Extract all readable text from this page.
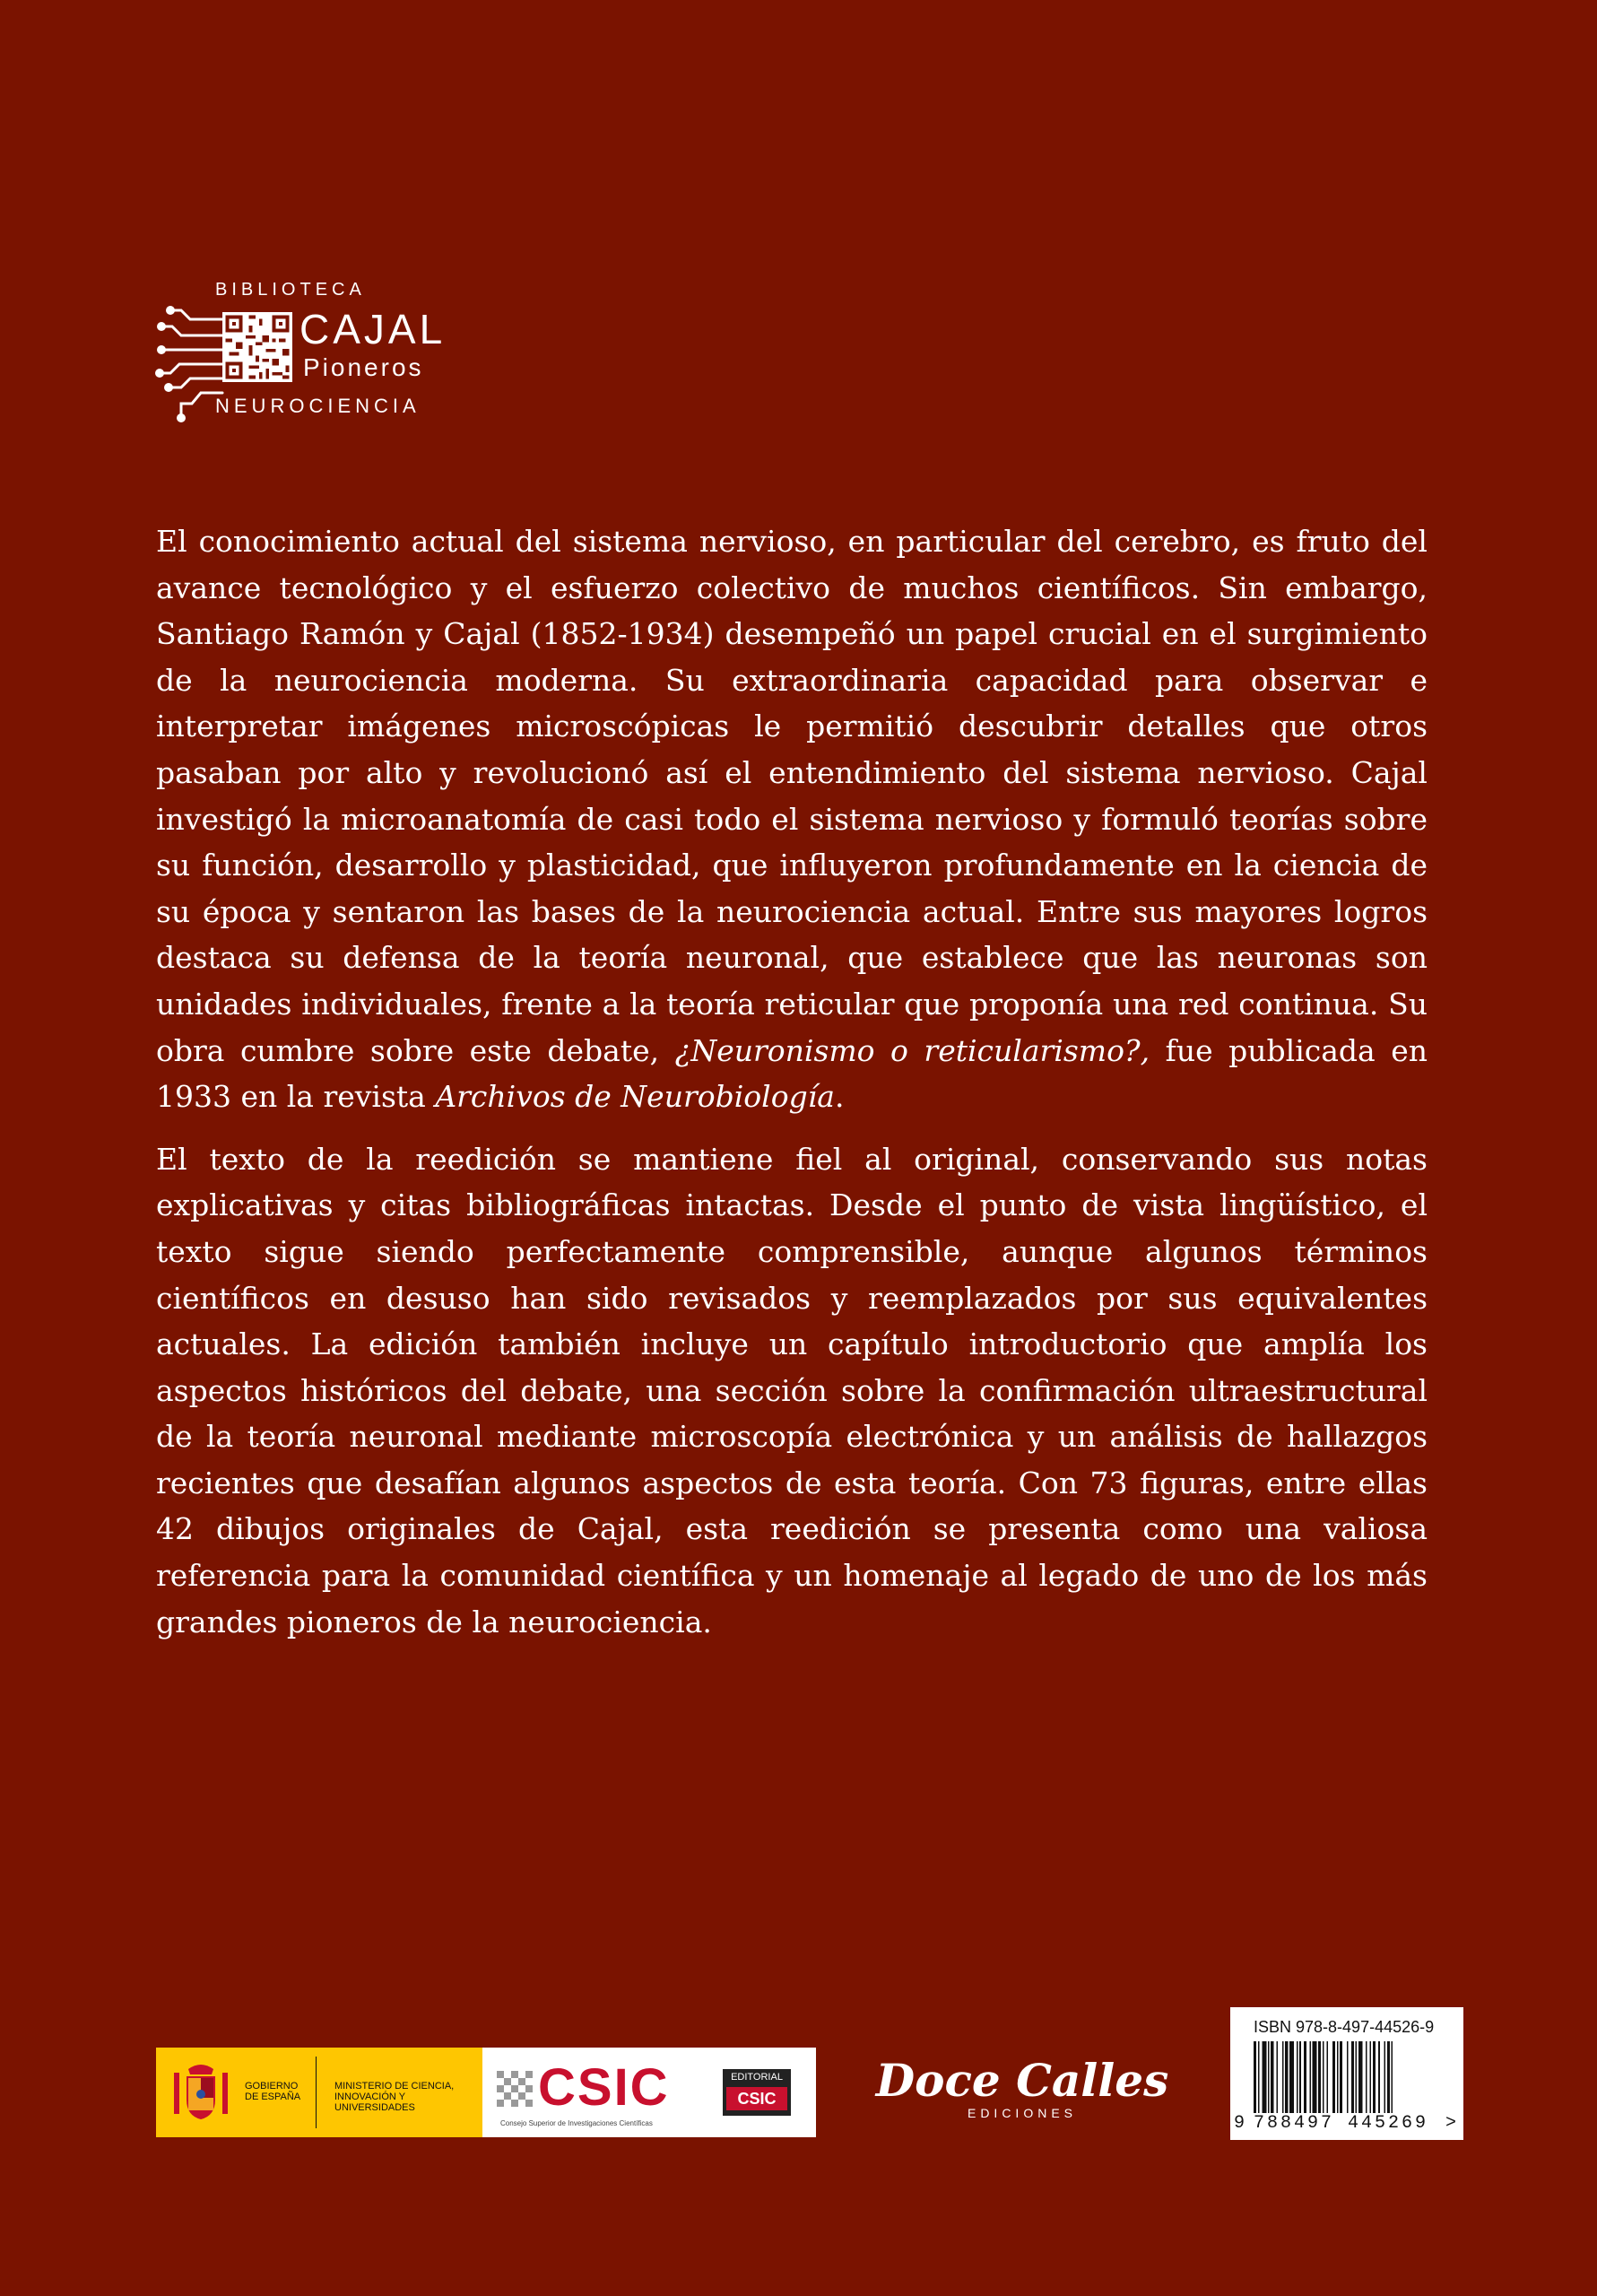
BIBLIOTECA
CAJAL
Pioneros
NEUROCIENCIA

El conocimiento actual del sistema nervioso, en particular del cerebro, es fruto del avance tecnológico y el esfuerzo colectivo de muchos científicos. Sin embargo, Santiago Ramón y Cajal (1852-1934) desempeñó un papel crucial en el surgimiento de la neurociencia moderna. Su extraordinaria capacidad para observar e interpretar imágenes microscópicas le permitió descubrir detalles que otros pasaban por alto y revolucionó así el entendimiento del sistema nervioso. Cajal investigó la microanatomía de casi todo el sistema nervioso y formuló teorías sobre su función, desarrollo y plasticidad, que influyeron profundamente en la ciencia de su época y sentaron las bases de la neurociencia actual. Entre sus mayores logros destaca su defensa de la teoría neuronal, que establece que las neuronas son unidades individuales, frente a la teoría reticular que proponía una red continua. Su obra cumbre sobre este debate, ¿Neuronismo o reticularismo?, fue publicada en 1933 en la revista Archivos de Neurobiología.

El texto de la reedición se mantiene fiel al original, conservando sus notas explicativas y citas bibliográficas intactas. Desde el punto de vista lingüístico, el texto sigue siendo perfectamente comprensible, aunque algunos términos científicos en desuso han sido revisados y reemplazados por sus equivalentes actuales. La edición también incluye un capítulo introductorio que amplía los aspectos históricos del debate, una sección sobre la confirmación ultraestructural de la teoría neuronal mediante microscopía electrónica y un análisis de hallazgos recientes que desafían algunos aspectos de esta teoría. Con 73 figuras, entre ellas 42 dibujos originales de Cajal, esta reedición se presenta como una valiosa referencia para la comunidad científica y un homenaje al legado de uno de los más grandes pioneros de la neurociencia.

GOBIERNO DE ESPAÑA
MINISTERIO DE CIENCIA, INNOVACIÓN Y UNIVERSIDADES	CSIC
Consejo Superior de Investigaciones Científicas
EDITORIAL
CSIC Doce Calles
EDICIONES
ISBN 978-8-497-44526-9
9 788497 445269 >
